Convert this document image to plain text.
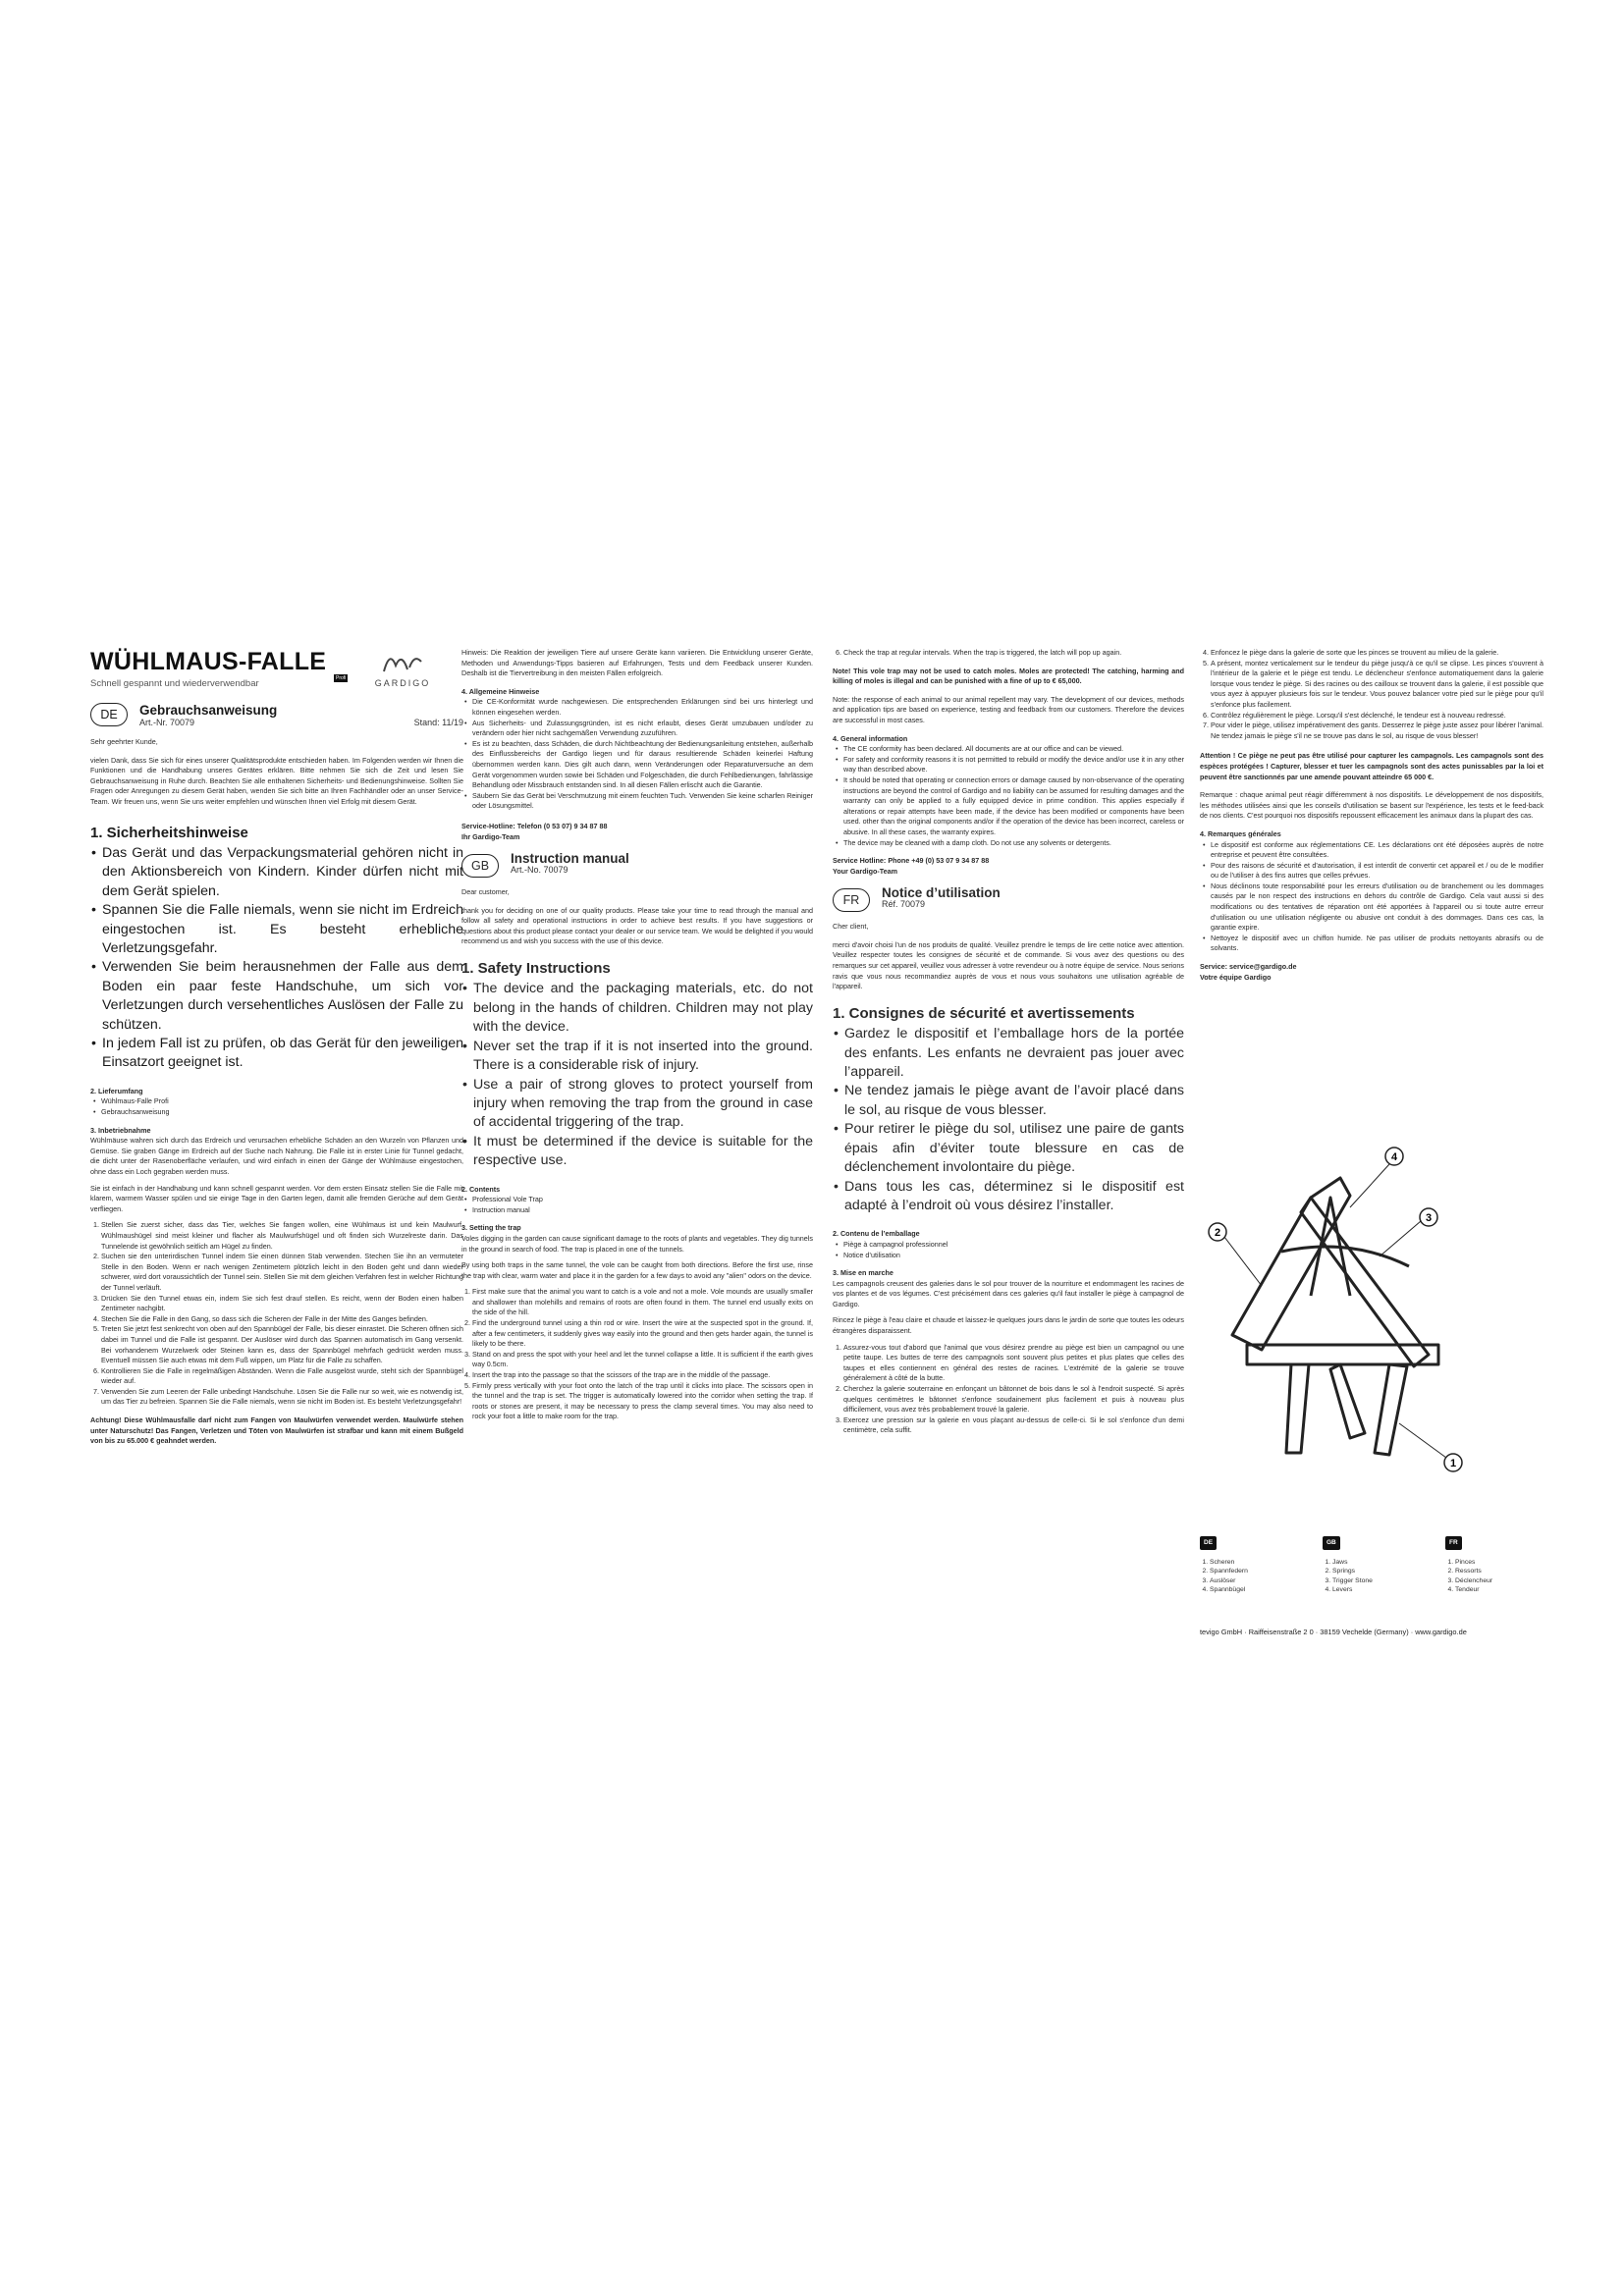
GARDIGO
WÜHLMAUS-FALLE
Profi
Schnell gespannt und wiederverwendbar
DE	Gebrauchsanweisung
Art.-Nr. 70079	Stand: 11/19

Sehr geehrter Kunde,

vielen Dank, dass Sie sich für eines unserer Qualitätsprodukte entschieden haben. Im Folgenden werden wir Ihnen die Funktionen und die Handhabung unseres Gerätes erklären. Bitte nehmen Sie sich die Zeit und lesen Sie Gebrauchsanweisung in Ruhe durch. Beachten Sie alle enthaltenen Sicherheits- und Bedienungshinweise. Sollten Sie Fragen oder Anregungen zu diesem Gerät haben, wenden Sie sich bitte an Ihren Fachhändler oder an unser Service-Team. Wir freuen uns, wenn Sie uns weiter empfehlen und wünschen Ihnen viel Erfolg mit diesem Gerät.

1. Sicherheitshinweise
• Das Gerät und das Verpackungsmaterial gehören nicht in den Aktionsbereich von Kindern. Kinder dürfen nicht mit dem Gerät spielen.
• Spannen Sie die Falle niemals, wenn sie nicht im Erdreich eingestochen ist. Es besteht erhebliche Verletzungsgefahr.
• Verwenden Sie beim herausnehmen der Falle aus dem Boden ein paar feste Handschuhe, um sich vor Verletzungen durch versehentliches Auslösen der Falle zu schützen.
• In jedem Fall ist zu prüfen, ob das Gerät für den jeweiligen Einsatzort geeignet ist.
2. Lieferumfang
• Wühlmaus-Falle Profi
• Gebrauchsanweisung
3. Inbetriebnahme

Wühlmäuse wahren sich durch das Erdreich und verursachen erhebliche Schäden an den Wurzeln von Pflanzen und Gemüse. Sie graben Gänge im Erdreich auf der Suche nach Nahrung. Die Falle ist in erster Linie für Tunnel gedacht, die dicht unter der Rasenoberfläche verlaufen, und wird einfach in einen der Gänge der Wühlmäuse eingestochen, ohne dass ein Loch gegraben werden muss.

Sie ist einfach in der Handhabung und kann schnell gespannt werden. Vor dem ersten Einsatz stellen Sie die Falle mit klarem, warmem Wasser spülen und sie einige Tage in den Garten legen, damit alle fremden Gerüche auf dem Gerät verfliegen.

1. Stellen Sie zuerst sicher, dass das Tier, welches Sie fangen wollen, eine Wühlmaus ist und kein Maulwurf. Wühlmaushügel sind meist kleiner und flacher als Maulwurfshügel und oft finden sich Wurzelreste darin. Das Tunnelende ist gewöhnlich seitlich am Hügel zu finden.
2. Suchen sie den unterirdischen Tunnel indem Sie einen dünnen Stab verwenden. Stechen Sie ihn an vermuteter Stelle in den Boden. Wenn er nach wenigen Zentimetern plötzlich leicht in den Boden geht und dann wieder schwerer, wird dort voraussichtlich der Tunnel sein. Stellen Sie mit dem gleichen Verfahren fest in welcher Richtung der Tunnel verläuft.
3. Drücken Sie den Tunnel etwas ein, indem Sie sich fest drauf stellen. Es reicht, wenn der Boden einen halben Zentimeter nachgibt.
4. Stechen Sie die Falle in den Gang, so dass sich die Scheren der Falle in der Mitte des Ganges befinden.
5. Treten Sie jetzt fest senkrecht von oben auf den Spannbügel der Falle, bis dieser einrastet. Die Scheren öffnen sich dabei im Tunnel und die Falle ist gespannt. Der Auslöser wird durch das Spannen automatisch im Gang versenkt. Bei vorhandenem Wurzelwerk oder Steinen kann es, dass der Spannbügel mehrfach gedrückt werden muss. Eventuell müssen Sie auch etwas mit dem Fuß wippen, um Platz für die Falle zu schaffen.
6. Kontrollieren Sie die Falle in regelmäßigen Abständen. Wenn die Falle ausgelöst wurde, steht sich der Spannbügel wieder auf.
7. Verwenden Sie zum Leeren der Falle unbedingt Handschuhe. Lösen Sie die Falle nur so weit, wie es notwendig ist, um das Tier zu befreien. Spannen Sie die Falle niemals, wenn sie nicht im Boden ist. Es besteht Verletzungsgefahr!

Achtung! Diese Wühlmausfalle darf nicht zum Fangen von Maulwürfen verwendet werden. Maulwürfe stehen unter Naturschutz! Das Fangen, Verletzen und Töten von Maulwürfen ist strafbar und kann mit einem Bußgeld von bis zu 65.000 € geahndet werden.

Hinweis: Die Reaktion der jeweiligen Tiere auf unsere Geräte kann variieren. Die Entwicklung unserer Geräte, Methoden und Anwendungs-Tipps basieren auf Erfahrungen, Tests und dem Feedback unserer Kunden. Deshalb ist die Tiervertreibung in den meisten Fällen erfolgreich.

4. Allgemeine Hinweise
• Die CE-Konformität wurde nachgewiesen. Die entsprechenden Erklärungen sind bei uns hinterlegt und können eingesehen werden.
• Aus Sicherheits- und Zulassungsgründen, ist es nicht erlaubt, dieses Gerät umzubauen und/oder zu verändern oder hier nicht sachgemäßen Verwendung zuzuführen.
• Es ist zu beachten, dass Schäden, die durch Nichtbeachtung der Bedienungsanleitung entstehen, außerhalb des Einflussbereichs der Gardigo liegen und für daraus resultierende Schäden keinerlei Haftung übernommen werden kann. Dies gilt auch dann, wenn Veränderungen oder Reparaturversuche an dem Gerät vorgenommen wurden sowie bei Schäden und Folgeschäden, die durch Fehlbedienungen, fahrlässige Behandlung oder Missbrauch entstanden sind. In all diesen Fällen erlischt auch die Garantie.
• Säubern Sie das Gerät bei Verschmutzung mit einem feuchten Tuch. Verwenden Sie keine scharfen Reiniger oder Lösungsmittel.

Service-Hotline: Telefon (0 53 07) 9 34 87 88

Ihr Gardigo-Team

GB	Instruction manual
Art.-No. 70079

Dear customer,

thank you for deciding on one of our quality products. Please take your time to read through the manual and follow all safety and operational instructions in order to achieve best results. If you have suggestions or questions about this product please contact your dealer or our service team. We would be delighted if you would recommend us and wish you success with the use of this device.

1. Safety Instructions
• The device and the packaging materials, etc. do not belong in the hands of children. Children may not play with the device.
• Never set the trap if it is not inserted into the ground. There is a considerable risk of injury.
• Use a pair of strong gloves to protect yourself from injury when removing the trap from the ground in case of accidental triggering of the trap.
• It must be determined if the device is suitable for the respective use.
2. Contents
• Professional Vole Trap
• Instruction manual
3. Setting the trap

Voles digging in the garden can cause significant damage to the roots of plants and vegetables. They dig tunnels in the ground in search of food. The trap is placed in one of the tunnels.

By using both traps in the same tunnel, the vole can be caught from both directions. Before the first use, rinse the trap with clear, warm water and place it in the garden for a few days to avoid any "alien" odors on the device.

1. First make sure that the animal you want to catch is a vole and not a mole. Vole mounds are usually smaller and shallower than molehills and remains of roots are often found in them. The tunnel end usually exits on the side of the hill.
2. Find the underground tunnel using a thin rod or wire. Insert the wire at the suspected spot in the ground. If, after a few centimeters, it suddenly gives way easily into the ground and then gets harder again, the tunnel is likely to be there.
3. Stand on and press the spot with your heel and let the tunnel collapse a little. It is sufficient if the earth gives way 0.5cm.
4. Insert the trap into the passage so that the scissors of the trap are in the middle of the passage.
5. Firmly press vertically with your foot onto the latch of the trap until it clicks into place. The scissors open in the tunnel and the trap is set. The trigger is automatically lowered into the corridor when setting the trap. If roots or stones are present, it may be necessary to press the clamp several times. You may also need to rock your foot a little to make room for the trap.
6. Check the trap at regular intervals. When the trap is triggered, the latch will pop up again.

Note! This vole trap may not be used to catch moles. Moles are protected! The catching, harming and killing of moles is illegal and can be punished with a fine of up to € 65,000.

Note: the response of each animal to our animal repellent may vary. The development of our devices, methods and application tips are based on experience, testing and feedback from our customers. Therefore the devices are successful in most cases.

4. General information
• The CE conformity has been declared. All documents are at our office and can be viewed.
• For safety and conformity reasons it is not permitted to rebuild or modify the device and/or use it in any other way than described above.
• It should be noted that operating or connection errors or damage caused by non-observance of the operating instructions are beyond the control of Gardigo and no liability can be assumed for resulting damages and the warranty can only be applied to a fully equipped device in prime condition. This applies especially if alterations or repair attempts have been made, if the device has been modified or components have been used. other than the original components and/or if the operation of the device has been incorrect, careless or abusive. In all these cases, the warranty expires.
• The device may be cleaned with a damp cloth. Do not use any solvents or detergents.

Service Hotline: Phone +49 (0) 53 07 9 34 87 88

Your Gardigo-Team

FR	Notice d’utilisation
Réf. 70079

Cher client,

merci d'avoir choisi l'un de nos produits de qualité. Veuillez prendre le temps de lire cette notice avec attention. Veuillez respecter toutes les consignes de sécurité et de commande. Si vous avez des questions ou des remarques sur cet appareil, veuillez vous adresser à votre revendeur ou à notre équipe de service. Nous serions ravis que vous nous recommandiez auprès de vous et nous vous souhaitons une utilisation agréable de l'appareil.

1. Consignes de sécurité et avertissements
• Gardez le dispositif et l’emballage hors de la portée des enfants. Les enfants ne devraient pas jouer avec l’appareil.
• Ne tendez jamais le piège avant de l’avoir placé dans le sol, au risque de vous blesser.
• Pour retirer le piège du sol, utilisez une paire de gants épais afin d’éviter toute blessure en cas de déclenchement involontaire du piège.
• Dans tous les cas, déterminez si le dispositif est adapté à l’endroit où vous désirez l’installer.
2. Contenu de l’emballage
• Piège à campagnol professionnel
• Notice d’utilisation
3. Mise en marche

Les campagnols creusent des galeries dans le sol pour trouver de la nourriture et endommagent les racines de vos plantes et de vos légumes. C'est précisément dans ces galeries qu'il faut installer le piège à campagnol de Gardigo.

Rincez le piège à l'eau claire et chaude et laissez-le quelques jours dans le jardin de sorte que toutes les odeurs étrangères disparaissent.

1. Assurez-vous tout d'abord que l'animal que vous désirez prendre au piège est bien un campagnol ou une petite taupe. Les buttes de terre des campagnols sont souvent plus petites et plus plates que celles des taupes et elles contiennent en général des restes de racines. L'extrémité de la galerie se trouve généralement à côté de la butte.
2. Cherchez la galerie souterraine en enfonçant un bâtonnet de bois dans le sol à l'endroit suspecté. Si après quelques centimètres le bâtonnet s'enfonce soudainement plus facilement et puis à nouveau plus difficilement, vous avez très probablement trouvé la galerie.
3. Exercez une pression sur la galerie en vous plaçant au-dessus de celle-ci. Si le sol s'enfonce d'un demi centimètre, cela suffit.
4. Enfoncez le piège dans la galerie de sorte que les pinces se trouvent au milieu de la galerie.
5. A présent, montez verticalement sur le tendeur du piège jusqu'à ce qu'il se clipse. Les pinces s'ouvrent à l'intérieur de la galerie et le piège est tendu. Le déclencheur s'enfonce automatiquement dans la galerie lorsque vous tendez le piège. Si des racines ou des cailloux se trouvent dans la galerie, il est possible que vous ayez à appuyer plusieurs fois sur le tendeur. Vous pouvez balancer votre pied sur le piège pour qu'il s'enfonce plus facilement.
6. Contrôlez régulièrement le piège. Lorsqu'il s'est déclenché, le tendeur est à nouveau redressé.
7. Pour vider le piège, utilisez impérativement des gants. Desserrez le piège juste assez pour libérer l'animal. Ne tendez jamais le piège s'il ne se trouve pas dans le sol, au risque de vous blesser!

Attention ! Ce piège ne peut pas être utilisé pour capturer les campagnols. Les campagnols sont des espèces protégées ! Capturer, blesser et tuer les campagnols sont des actes punissables par la loi et peuvent être sanctionnés par une amende pouvant atteindre 65 000 €.

Remarque : chaque animal peut réagir différemment à nos dispositifs. Le développement de nos dispositifs, les méthodes utilisées ainsi que les conseils d'utilisation se basent sur l'expérience, les tests et le feed-back de nos clients. C'est pourquoi nos dispositifs repoussent efficacement les animaux dans la plupart des cas.

4. Remarques générales
• Le dispositif est conforme aux réglementations CE. Les déclarations ont été déposées auprès de notre entreprise et peuvent être consultées.
• Pour des raisons de sécurité et d'autorisation, il est interdit de convertir cet appareil et / ou de le modifier ou de l'utiliser à des fins autres que celles prévues.
• Nous déclinons toute responsabilité pour les erreurs d'utilisation ou de branchement ou les dommages causés par le non respect des instructions en dehors du contrôle de Gardigo. Cela vaut aussi si des modifications ou des tentatives de réparation ont été apportées à l'appareil ou si toute autre erreur d'utilisation ou une utilisation négligente ou abusive ont conduit à des dommages. Dans ces cas, la garantie expire.
• Nettoyez le dispositif avec un chiffon humide. Ne pas utiliser de produits nettoyants abrasifs ou de solvants.

Service: service@gardigo.de

Votre équipe Gardigo

2
4
3
1
DE
1. Scheren
2. Spannfedern
3. Auslöser
4. Spannbügel
GB
1. Jaws
2. Springs
3. Trigger Stone
4. Levers
FR
1. Pinces
2. Ressorts
3. Déclencheur
4. Tendeur
tevigo GmbH · Raiffeisenstraße 2 0 · 38159 Vechelde (Germany) · www.gardigo.de
